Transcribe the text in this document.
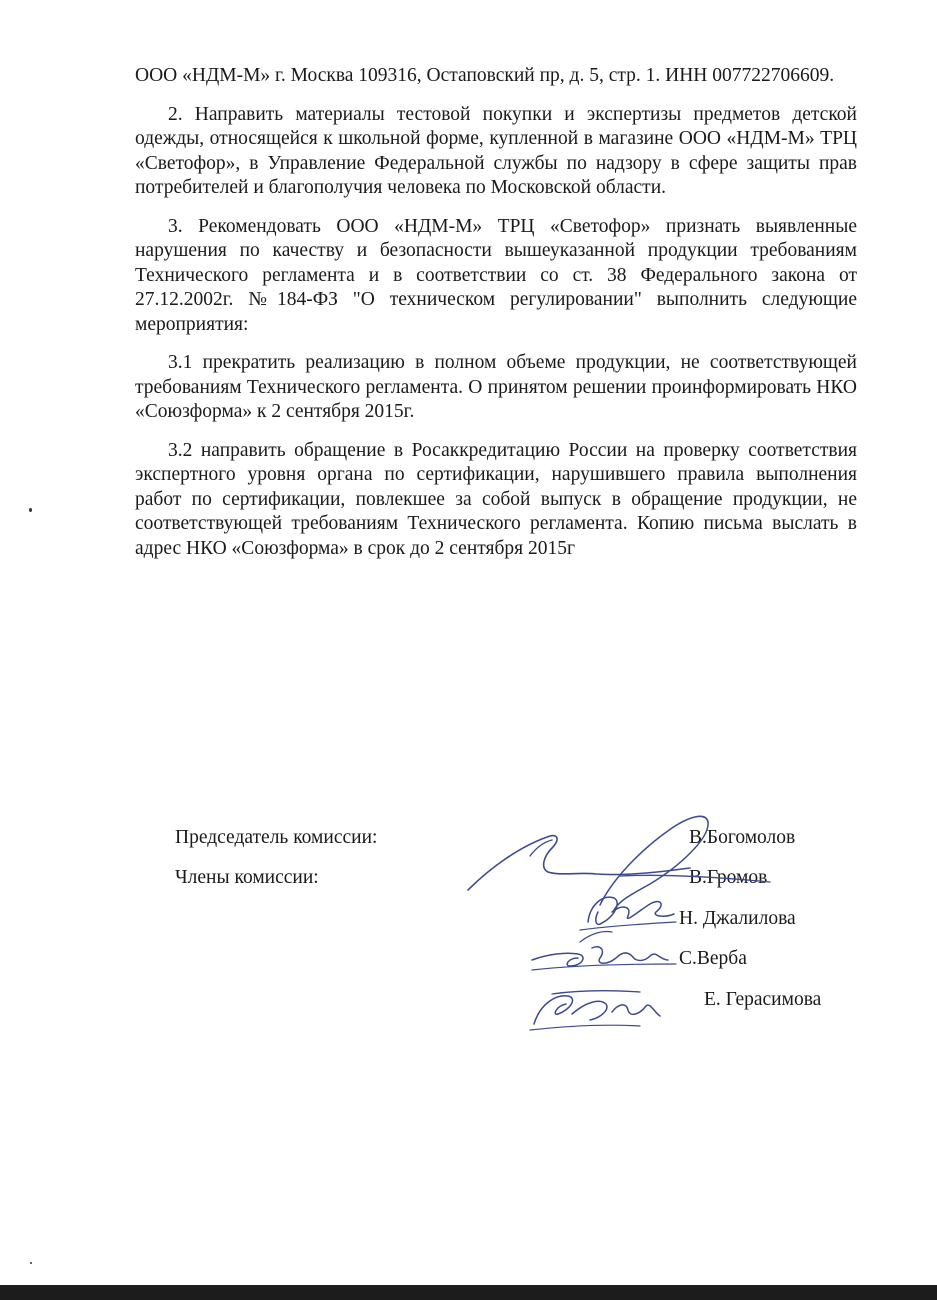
ООО «НДМ-М» г. Москва 109316, Остаповский пр, д. 5, стр. 1. ИНН 007722706609.

2. Направить материалы тестовой покупки и экспертизы предметов детской одежды, относящейся к школьной форме, купленной в магазине ООО «НДМ-М» ТРЦ «Светофор», в Управление Федеральной службы по надзору в сфере защиты прав потребителей и благополучия человека по Московской области.

3. Рекомендовать ООО «НДМ-М» ТРЦ «Светофор» признать выявленные нарушения по качеству и безопасности вышеуказанной продукции требованиям Технического регламента и в соответствии со ст. 38 Федерального закона от 27.12.2002г. №184-ФЗ "О техническом регулировании" выполнить следующие мероприятия:

3.1 прекратить реализацию в полном объеме продукции, не соответствующей требованиям Технического регламента. О принятом решении проинформировать НКО «Союзформа» к 2 сентября 2015г.

3.2 направить обращение в Росаккредитацию России на проверку соответствия экспертного уровня органа по сертификации, нарушившего правила выполнения работ по сертификации, повлекшее за собой выпуск в обращение продукции, не соответствующей требованиям Технического регламента. Копию письма выслать в адрес НКО «Союзформа» в срок до 2 сентября 2015г

Председатель комиссии:
Члены комиссии:
В.Богомолов
В.Громов
Н. Джалилова
С.Верба
Е. Герасимова
